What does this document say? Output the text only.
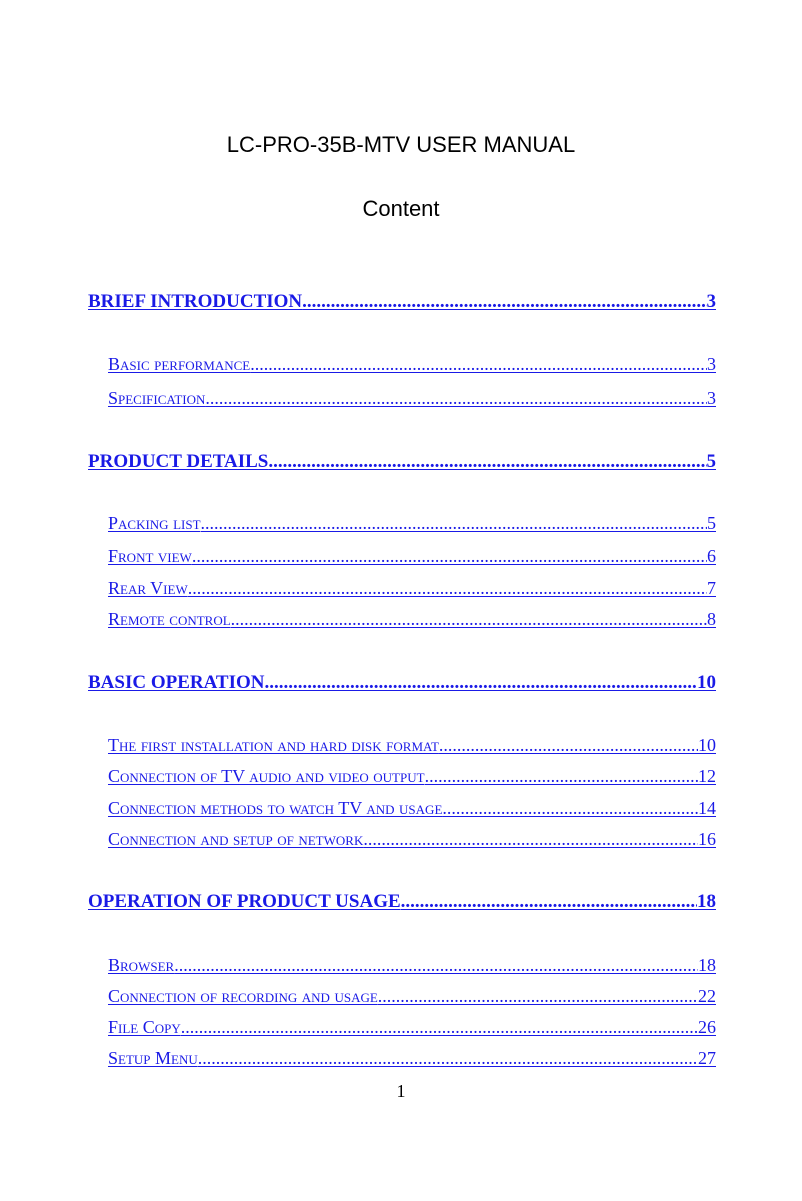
LC-PRO-35B-MTV USER MANUAL
Content
BRIEF INTRODUCTION .....	3
Basic performance .....	3
Specification .....	3
PRODUCT DETAILS .....	5
Packing list .....	5
Front view .....	6
Rear View .....	7
Remote control .....	8
BASIC OPERATION .....	10
The first installation and hard disk format .....	10
Connection of TV audio and video output .....	12
Connection methods to watch TV and usage .....	14
Connection and setup of network .....	16
OPERATION OF PRODUCT USAGE .....	18
Browser .....	18
Connection of recording and usage .....	22
File Copy .....	26
Setup Menu .....	27
1
